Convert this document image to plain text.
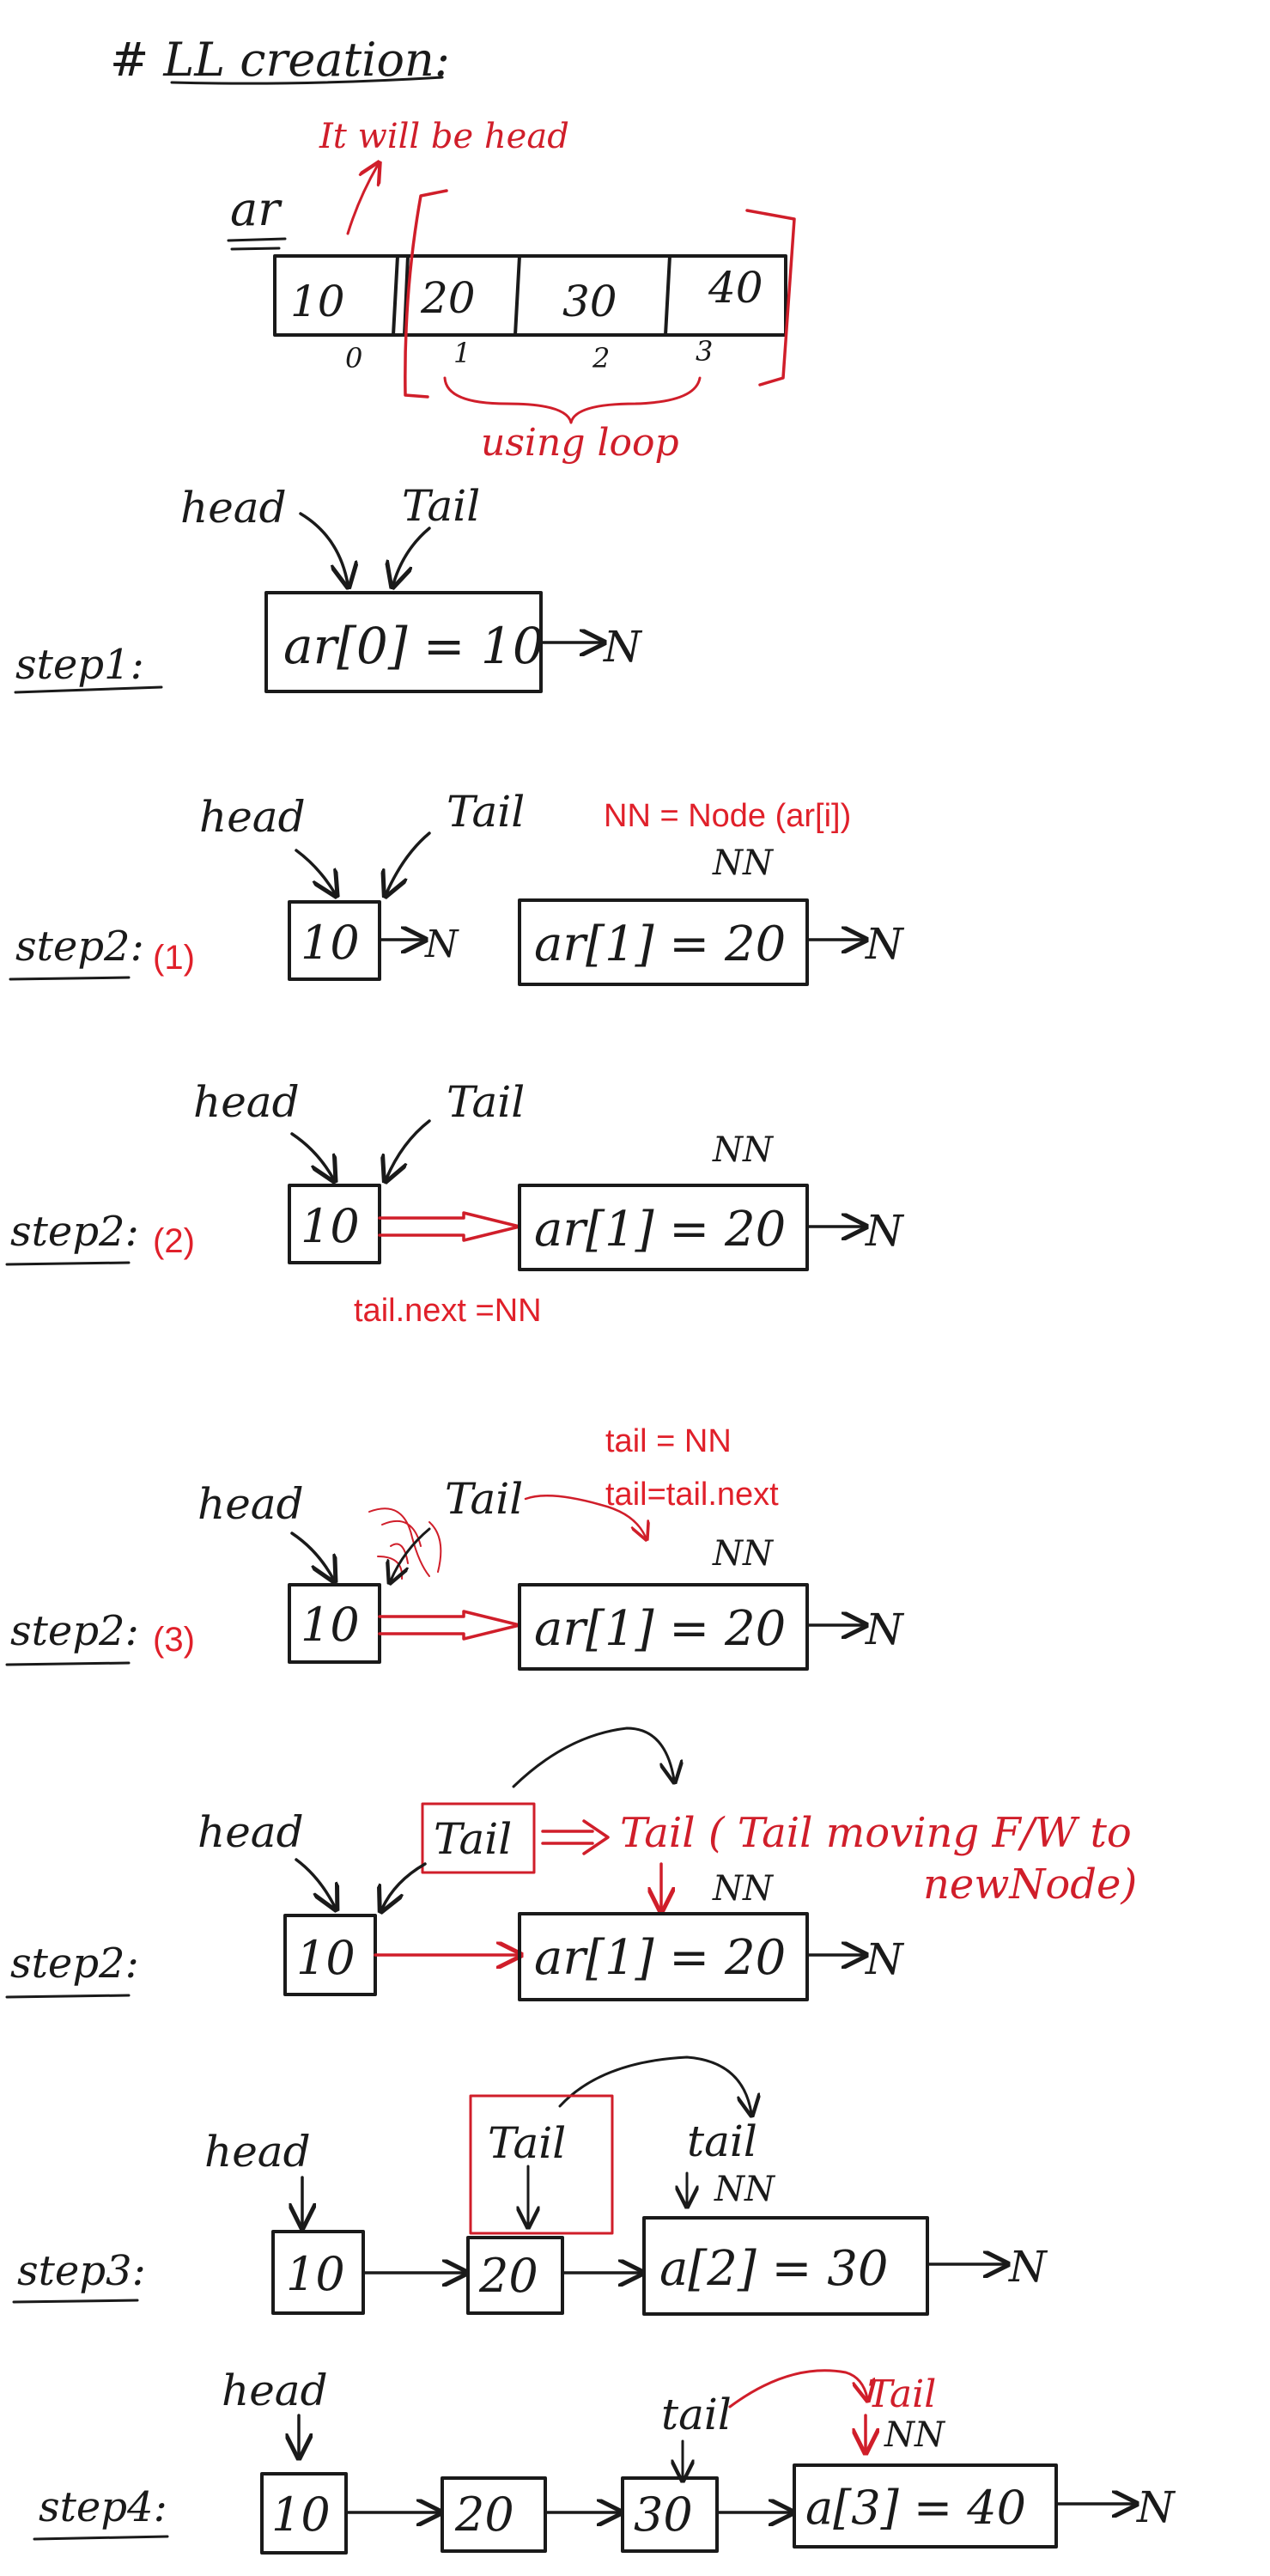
# LL creation:
It will be head
ar
10 20 30 40
0	1	2	3
using loop
head	Tail
step1:	ar[0] = 10 N
NN = Node (ar[i])
head	Tail
NN
step2: (1) 10 N ar[1] = 20 N
head	Tail
NN
step2: (2) 10	ar[1] = 20 N
tail.next =NN
tail = NN
tail=tail.next
head	Tail
NN
step2: (3) 10	ar[1] = 20 N
head	Tail	Tail ( Tail moving F/W to
newNode)
NN
step2:	10	ar[1] = 20 N
head	Tail	tail
NN
step3:	10	20	a[2] = 30	N
head	tail	Tail
NN
step4: 10	20	30 a[3] = 40	N
